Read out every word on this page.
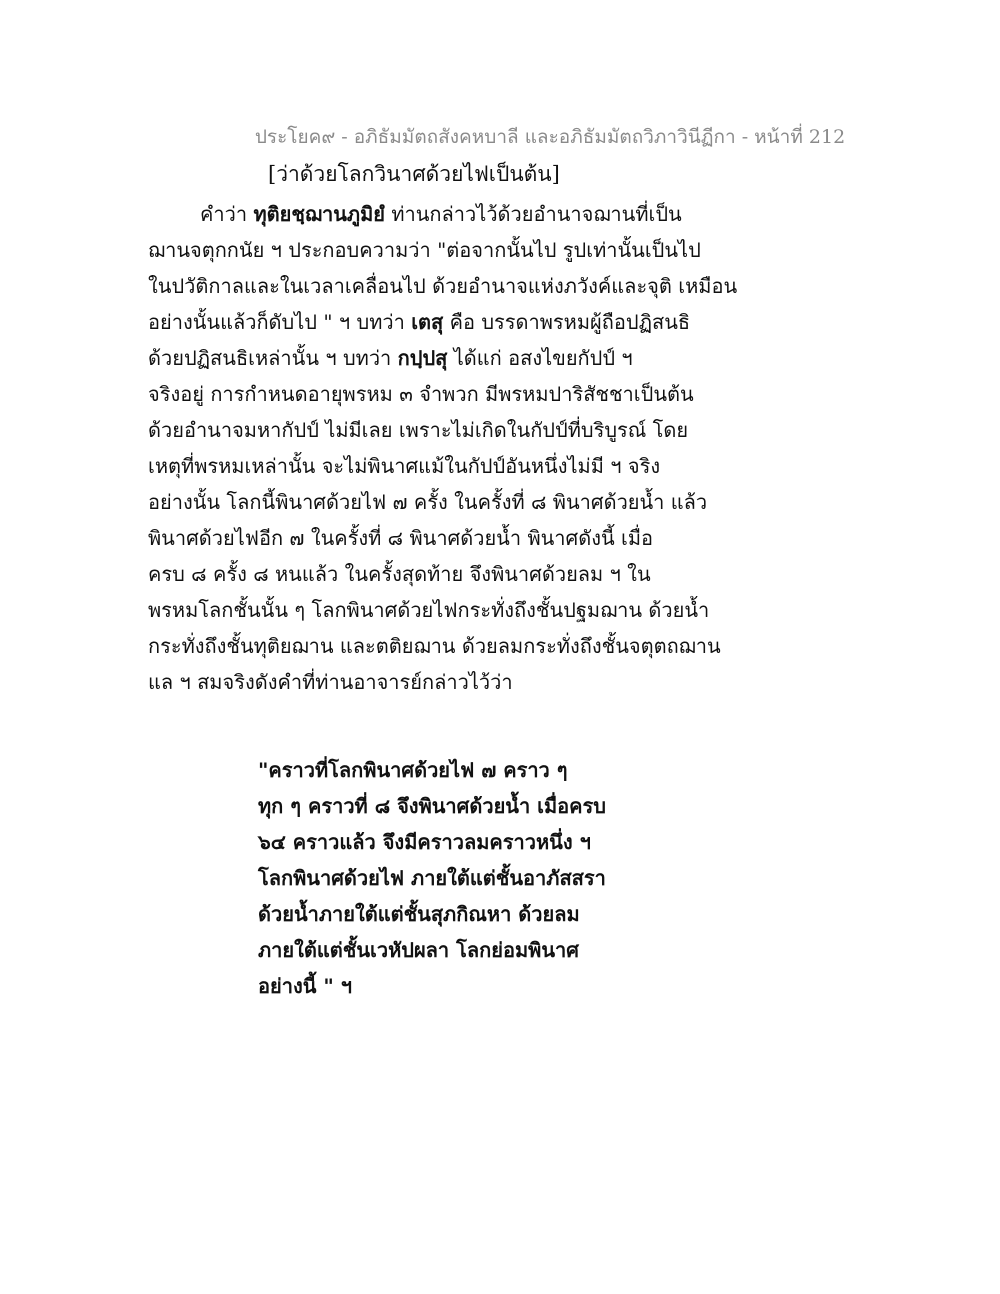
ประโยค๙ - อภิธัมมัตถสังคหบาลี และอภิธัมมัตถวิภาวินีฏีกา - หน้าที่ 212
[ว่าด้วยโลกวินาศด้วยไฟเป็นต้น]
คำว่า ทุติยชฺฌานภูมิยํ ท่านกล่าวไว้ด้วยอำนาจฌานที่เป็น
ฌานจตุกกนัย ฯ ประกอบความว่า "ต่อจากนั้นไป รูปเท่านั้นเป็นไป
ในปวัติกาลและในเวลาเคลื่อนไป ด้วยอำนาจแห่งภวังค์และจุติ เหมือน
อย่างนั้นแล้วก็ดับไป " ฯ บทว่า เตสุ คือ บรรดาพรหมผู้ถือปฏิสนธิ
ด้วยปฏิสนธิเหล่านั้น ฯ บทว่า กปฺปสุ ได้แก่ อสงไขยกัปป์ ฯ
จริงอยู่ การกำหนดอายุพรหม ๓ จำพวก มีพรหมปาริสัชชาเป็นต้น
ด้วยอำนาจมหากัปป์ ไม่มีเลย เพราะไม่เกิดในกัปป์ที่บริบูรณ์ โดย
เหตุที่พรหมเหล่านั้น จะไม่พินาศแม้ในกัปป์อันหนึ่งไม่มี ฯ จริง
อย่างนั้น โลกนี้พินาศด้วยไฟ ๗ ครั้ง ในครั้งที่ ๘ พินาศด้วยน้ำ แล้ว
พินาศด้วยไฟอีก ๗ ในครั้งที่ ๘ พินาศด้วยน้ำ พินาศดังนี้ เมื่อ
ครบ ๘ ครั้ง ๘ หนแล้ว ในครั้งสุดท้าย จึงพินาศด้วยลม ฯ ใน
พรหมโลกชั้นนั้น ๆ โลกพินาศด้วยไฟกระทั่งถึงชั้นปฐมฌาน ด้วยน้ำ
กระทั่งถึงชั้นทุติยฌาน และตติยฌาน ด้วยลมกระทั่งถึงชั้นจตุตถฌาน
แล ฯ สมจริงดังคำที่ท่านอาจารย์กล่าวไว้ว่า
"คราวที่โลกพินาศด้วยไฟ ๗ คราว ๆ
ทุก ๆ คราวที่ ๘ จึงพินาศด้วยน้ำ เมื่อครบ
๖๔ คราวแล้ว จึงมีคราวลมคราวหนึ่ง ฯ
โลกพินาศด้วยไฟ ภายใต้แต่ชั้นอาภัสสรา
ด้วยน้ำภายใต้แต่ชั้นสุภกิณหา ด้วยลม
ภายใต้แต่ชั้นเวหัปผลา โลกย่อมพินาศ
อย่างนี้ " ฯ
